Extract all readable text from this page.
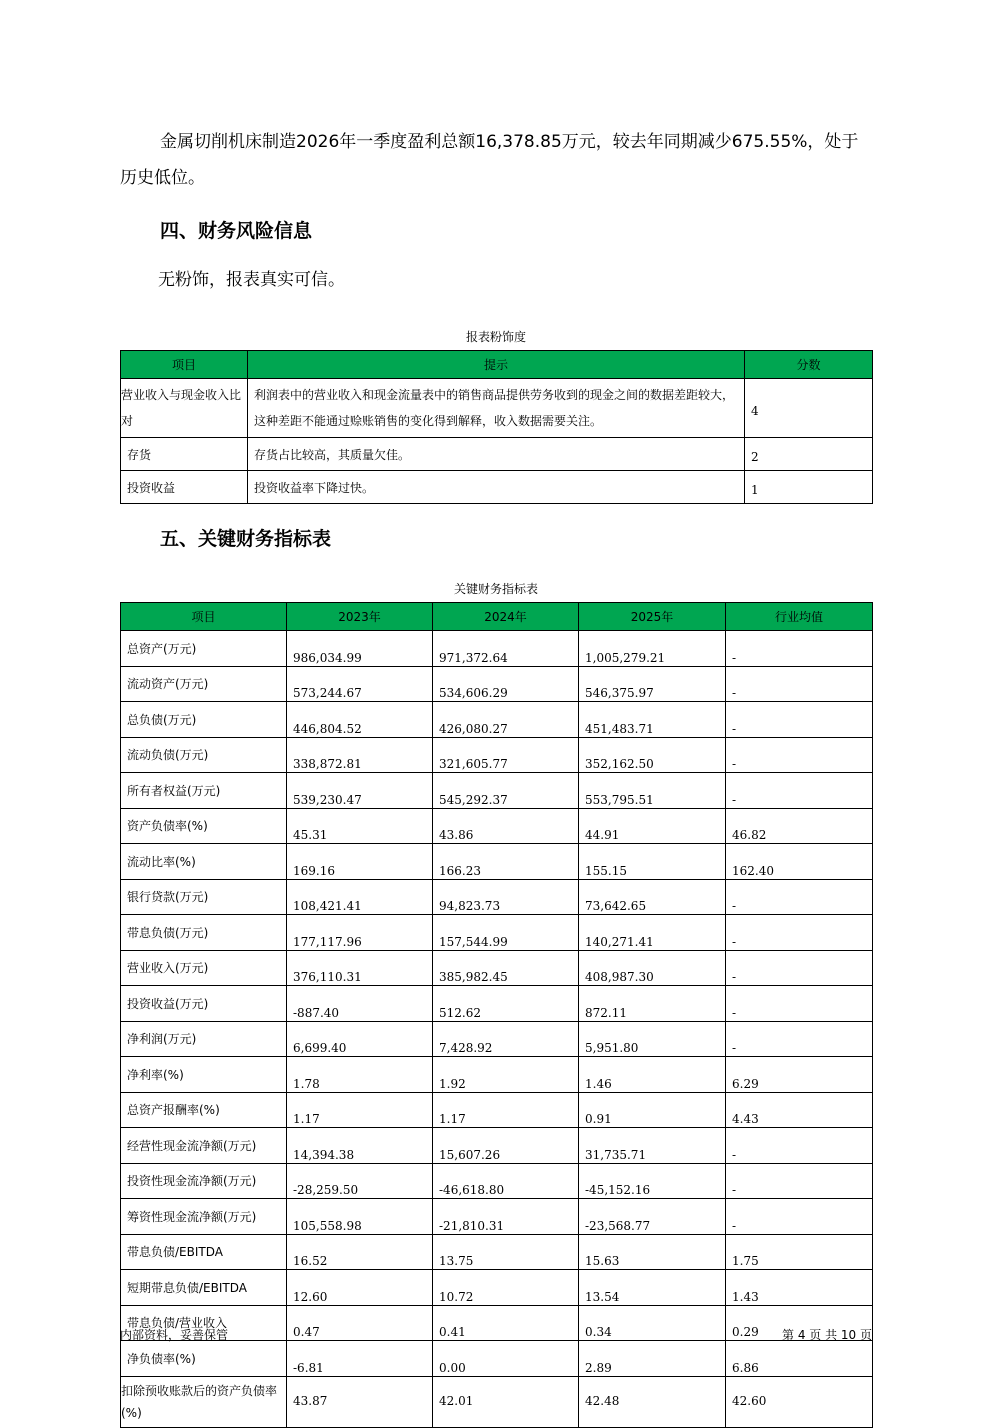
金属切削机床制造2026年一季度盈利总额16,378.85万元，较去年同期减少675.55%，处于历史低位。
四、财务风险信息
无粉饰，报表真实可信。
报表粉饰度
项目	提示	分数
营业收入与现金收入比对	利润表中的营业收入和现金流量表中的销售商品提供劳务收到的现金之间的数据差距较大，这种差距不能通过赊账销售的变化得到解释，收入数据需要关注。	4
存货	存货占比较高，其质量欠佳。	2
投资收益	投资收益率下降过快。	1
五、关键财务指标表
关键财务指标表
项目	2023年	2024年	2025年	行业均值
总资产(万元)	986,034.99	971,372.64	1,005,279.21	-
流动资产(万元)	573,244.67	534,606.29	546,375.97	-
总负债(万元)	446,804.52	426,080.27	451,483.71	-
流动负债(万元)	338,872.81	321,605.77	352,162.50	-
所有者权益(万元)	539,230.47	545,292.37	553,795.51	-
资产负债率(%)	45.31	43.86	44.91	46.82
流动比率(%)	169.16	166.23	155.15	162.40
银行贷款(万元)	108,421.41	94,823.73	73,642.65	-
带息负债(万元)	177,117.96	157,544.99	140,271.41	-
营业收入(万元)	376,110.31	385,982.45	408,987.30	-
投资收益(万元)	-887.40	512.62	872.11	-
净利润(万元)	6,699.40	7,428.92	5,951.80	-
净利率(%)	1.78	1.92	1.46	6.29
总资产报酬率(%)	1.17	1.17	0.91	4.43
经营性现金流净额(万元)	14,394.38	15,607.26	31,735.71	-
投资性现金流净额(万元)	-28,259.50	-46,618.80	-45,152.16	-
筹资性现金流净额(万元)	105,558.98	-21,810.31	-23,568.77	-
带息负债/EBITDA	16.52	13.75	15.63	1.75
短期带息负债/EBITDA	12.60	10.72	13.54	1.43
带息负债/营业收入	0.47	0.41	0.34	0.29
净负债率(%)	-6.81	0.00	2.89	6.86
扣除预收账款后的资产负债率(%)	43.87	42.01	42.48	42.60
内部资料，妥善保管	第 4 页 共 10 页
